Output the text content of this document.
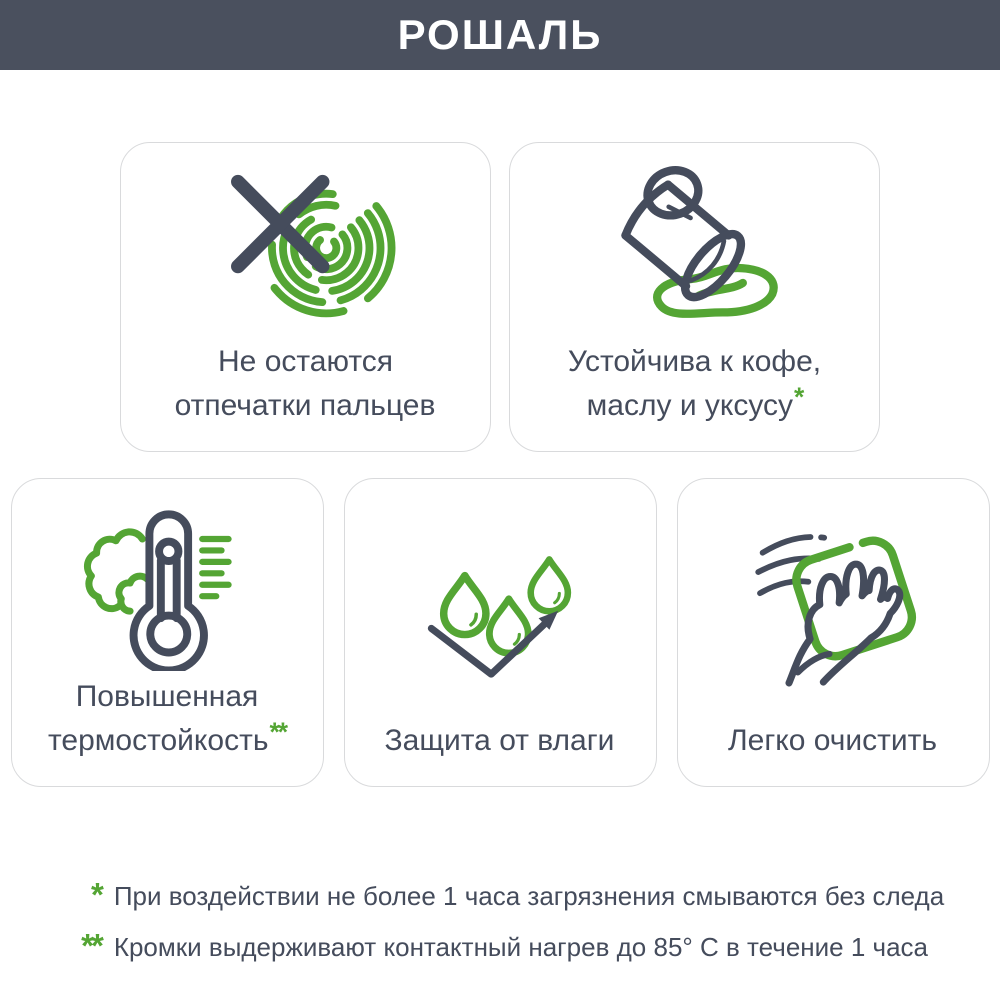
РОШАЛЬ
Не остаются
отпечатки пальцев
Устойчива к кофе,
маслу и уксусу*
Повышенная
термостойкость**	Защита от влаги	Легко очистить
* При воздействии не более 1 часа загрязнения смываются без следа
** Кромки выдерживают контактный нагрев до 85° С в течение 1 часа
